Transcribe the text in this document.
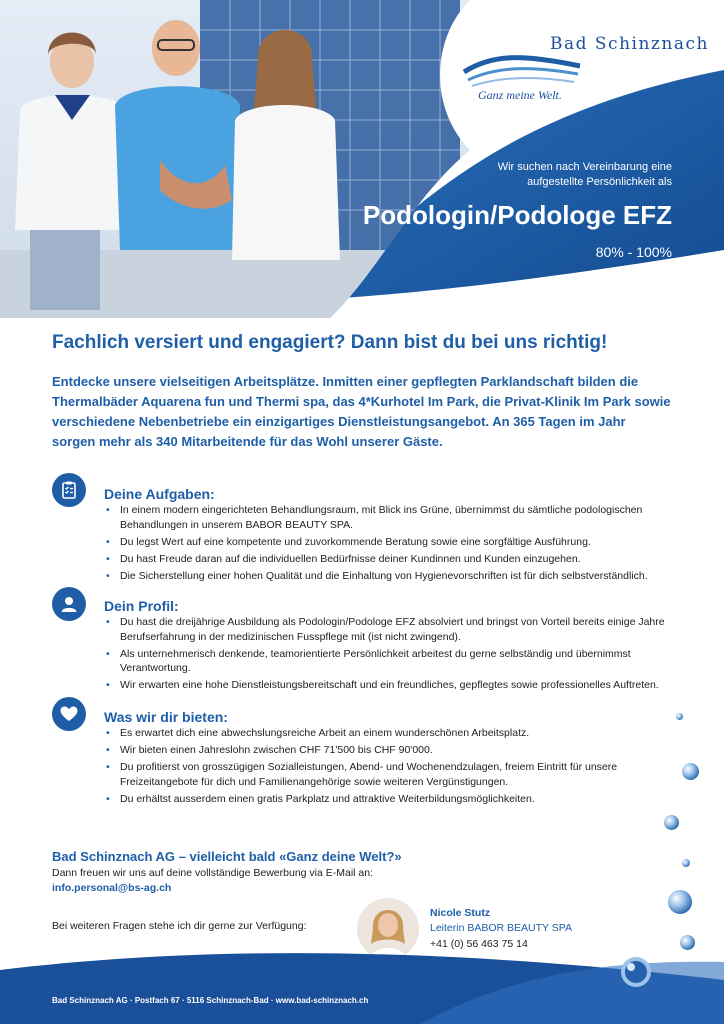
Bad Schinznach
Ganz meine Welt.
Wir suchen nach Vereinbarung eine aufgestellte Persönlichkeit als
Podologin/Podologe EFZ
80% - 100%
Fachlich versiert und engagiert? Dann bist du bei uns richtig!
Entdecke unsere vielseitigen Arbeitsplätze. Inmitten einer gepflegten Parklandschaft bilden die Thermalbäder Aquarena fun und Thermi spa, das 4*Kurhotel Im Park, die Privat-Klinik Im Park sowie verschiedene Nebenbetriebe ein einzigartiges Dienstleistungsangebot. An 365 Tagen im Jahr sorgen mehr als 340 Mitarbeitende für das Wohl unserer Gäste.
Deine Aufgaben:
• In einem modern eingerichteten Behandlungsraum, mit Blick ins Grüne, übernimmst du sämtliche podologischen Behandlungen in unserem BABOR BEAUTY SPA.
• Du legst Wert auf eine kompetente und zuvorkommende Beratung sowie eine sorgfältige Ausführung.
• Du hast Freude daran auf die individuellen Bedürfnisse deiner Kundinnen und Kunden einzugehen.
• Die Sicherstellung einer hohen Qualität und die Einhaltung von Hygienevorschriften ist für dich selbstverständlich.
Dein Profil:
• Du hast die dreijährige Ausbildung als Podologin/Podologe EFZ absolviert und bringst von Vorteil bereits einige Jahre Berufserfahrung in der medizinischen Fusspflege mit (ist nicht zwingend).
• Als unternehmerisch denkende, teamorientierte Persönlichkeit arbeitest du gerne selbständig und übernimmst Verantwortung.
• Wir erwarten eine hohe Dienstleistungsbereitschaft und ein freundliches, gepflegtes sowie professionelles Auftreten.
Was wir dir bieten:
• Es erwartet dich eine abwechslungsreiche Arbeit an einem wunderschönen Arbeitsplatz.
• Wir bieten einen Jahreslohn zwischen CHF 71'500 bis CHF 90'000.
• Du profitierst von grosszügigen Sozialleistungen, Abend- und Wochenendzulagen, freiem Eintritt für unsere Freizeitangebote für dich und Familienangehörige sowie weiteren Vergünstigungen.
• Du erhältst ausserdem einen gratis Parkplatz und attraktive Weiterbildungsmöglichkeiten.
Bad Schinznach AG – vielleicht bald «Ganz deine Welt?»
Dann freuen wir uns auf deine vollständige Bewerbung via E-Mail an:
info.personal@bs-ag.ch
Bei weiteren Fragen stehe ich dir gerne zur Verfügung:
Nicole Stutz
Leiterin BABOR BEAUTY SPA
+41 (0) 56 463 75 14
Bad Schinznach AG · Postfach 67 · 5116 Schinznach-Bad · www.bad-schinznach.ch
